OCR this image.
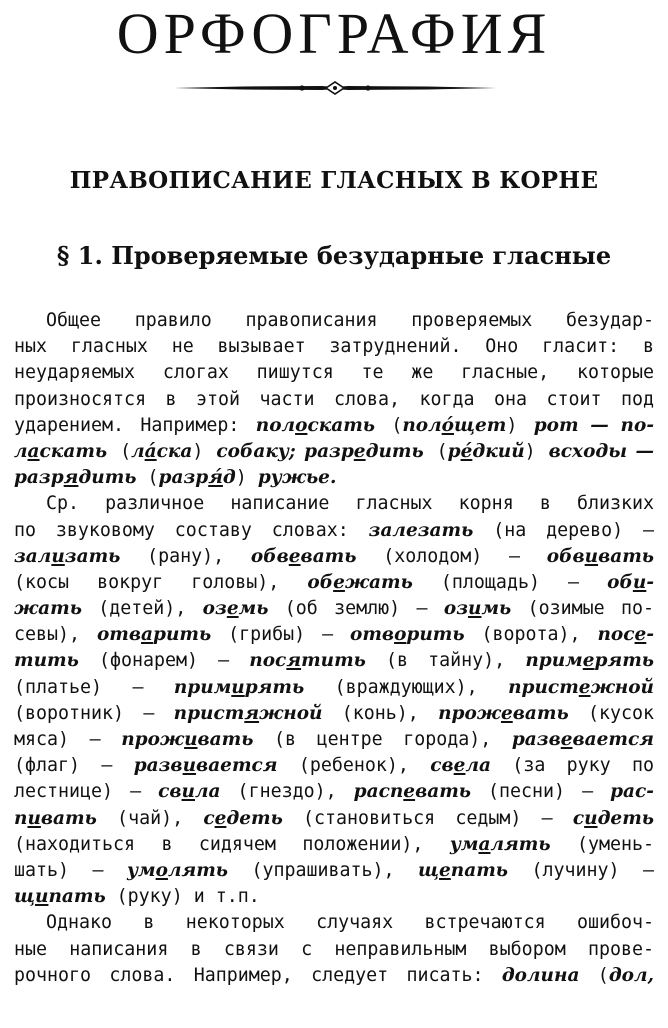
ОРФОГРАФИЯ
ПРАВОПИСАНИЕ ГЛАСНЫХ В КОРНЕ
§ 1. Проверяемые безударные гласные
Общее правило правописания проверяемых безудар-
ных гласных не вызывает затруднений. Оно гласит: в
неударяемых слогах пишутся те же гласные, которые
произносятся в этой части слова, когда она стоит под
ударением. Например: полоскать (полóщет) рот — по-
ласкать (лáска) собаку; разредить (рéдкий) всходы —
разрядить (разря́д) ружье.
Ср. различное написание гласных корня в близких
по звуковому составу словах: залезать (на дерево) —
зализать (рану), обвевать (холодом) — обвивать
(косы вокруг головы), обежать (площадь) — оби-
жать (детей), оземь (об землю) — озимь (озимые по-
севы), отварить (грибы) — отворить (ворота), посе-
тить (фонарем) — посятить (в тайну), примерять
(платье) — примирять (враждующих), пристежной
(воротник) — пристяжной (конь), прожевать (кусок
мяса) — проживать (в центре города), развевается
(флаг) — развивается (ребенок), свела (за руку по
лестнице) — свила (гнездо), распевать (песни) — рас-
пивать (чай), седеть (становиться седым) — сидеть
(находиться в сидячем положении), умалять (умень-
шать) — умолять (упрашивать), щепать (лучину) —
щипать (руку) и т.п.
Однако в некоторых случаях встречаются ошибоч-
ные написания в связи с неправильным выбором прове-
рочного слова. Например, следует писать: долина (дол,
